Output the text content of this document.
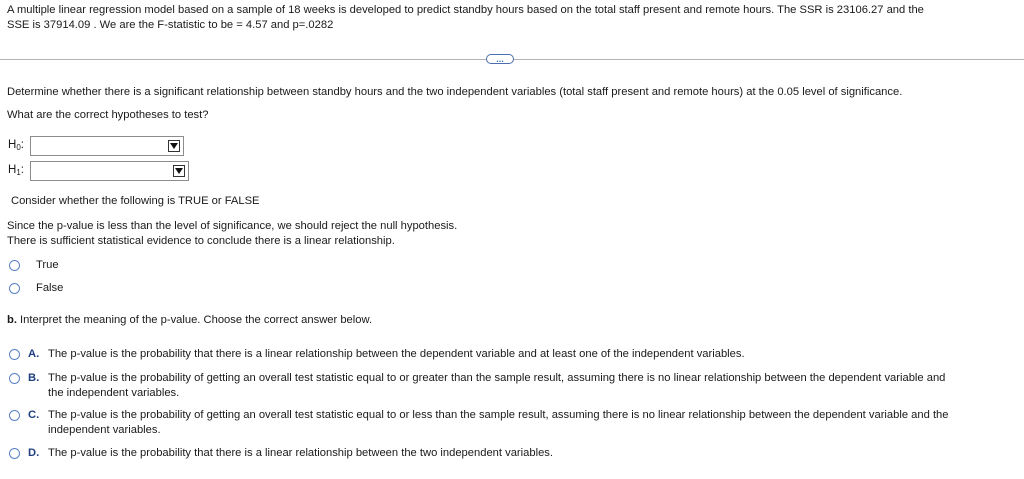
A multiple linear regression model based on a sample of 18 weeks is developed to predict standby hours based on the total staff present and remote hours. The SSR is 23106.27 and the
SSE is 37914.09 . We are the F-statistic to be = 4.57 and p=.0282
...
Determine whether there is a significant relationship between standby hours and the two independent variables (total staff present and remote hours) at the 0.05 level of significance.
What are the correct hypotheses to test?
H0:
H1:
Consider whether the following is TRUE or FALSE
Since the p-value is less than the level of significance, we should reject the null hypothesis.
There is sufficient statistical evidence to conclude there is a linear relationship.
True
False
b. Interpret the meaning of the p-value. Choose the correct answer below.
A. The p-value is the probability that there is a linear relationship between the dependent variable and at least one of the independent variables.
B. The p-value is the probability of getting an overall test statistic equal to or greater than the sample result, assuming there is no linear relationship between the dependent variable and
the independent variables.
C. The p-value is the probability of getting an overall test statistic equal to or less than the sample result, assuming there is no linear relationship between the dependent variable and the
independent variables.
D. The p-value is the probability that there is a linear relationship between the two independent variables.
